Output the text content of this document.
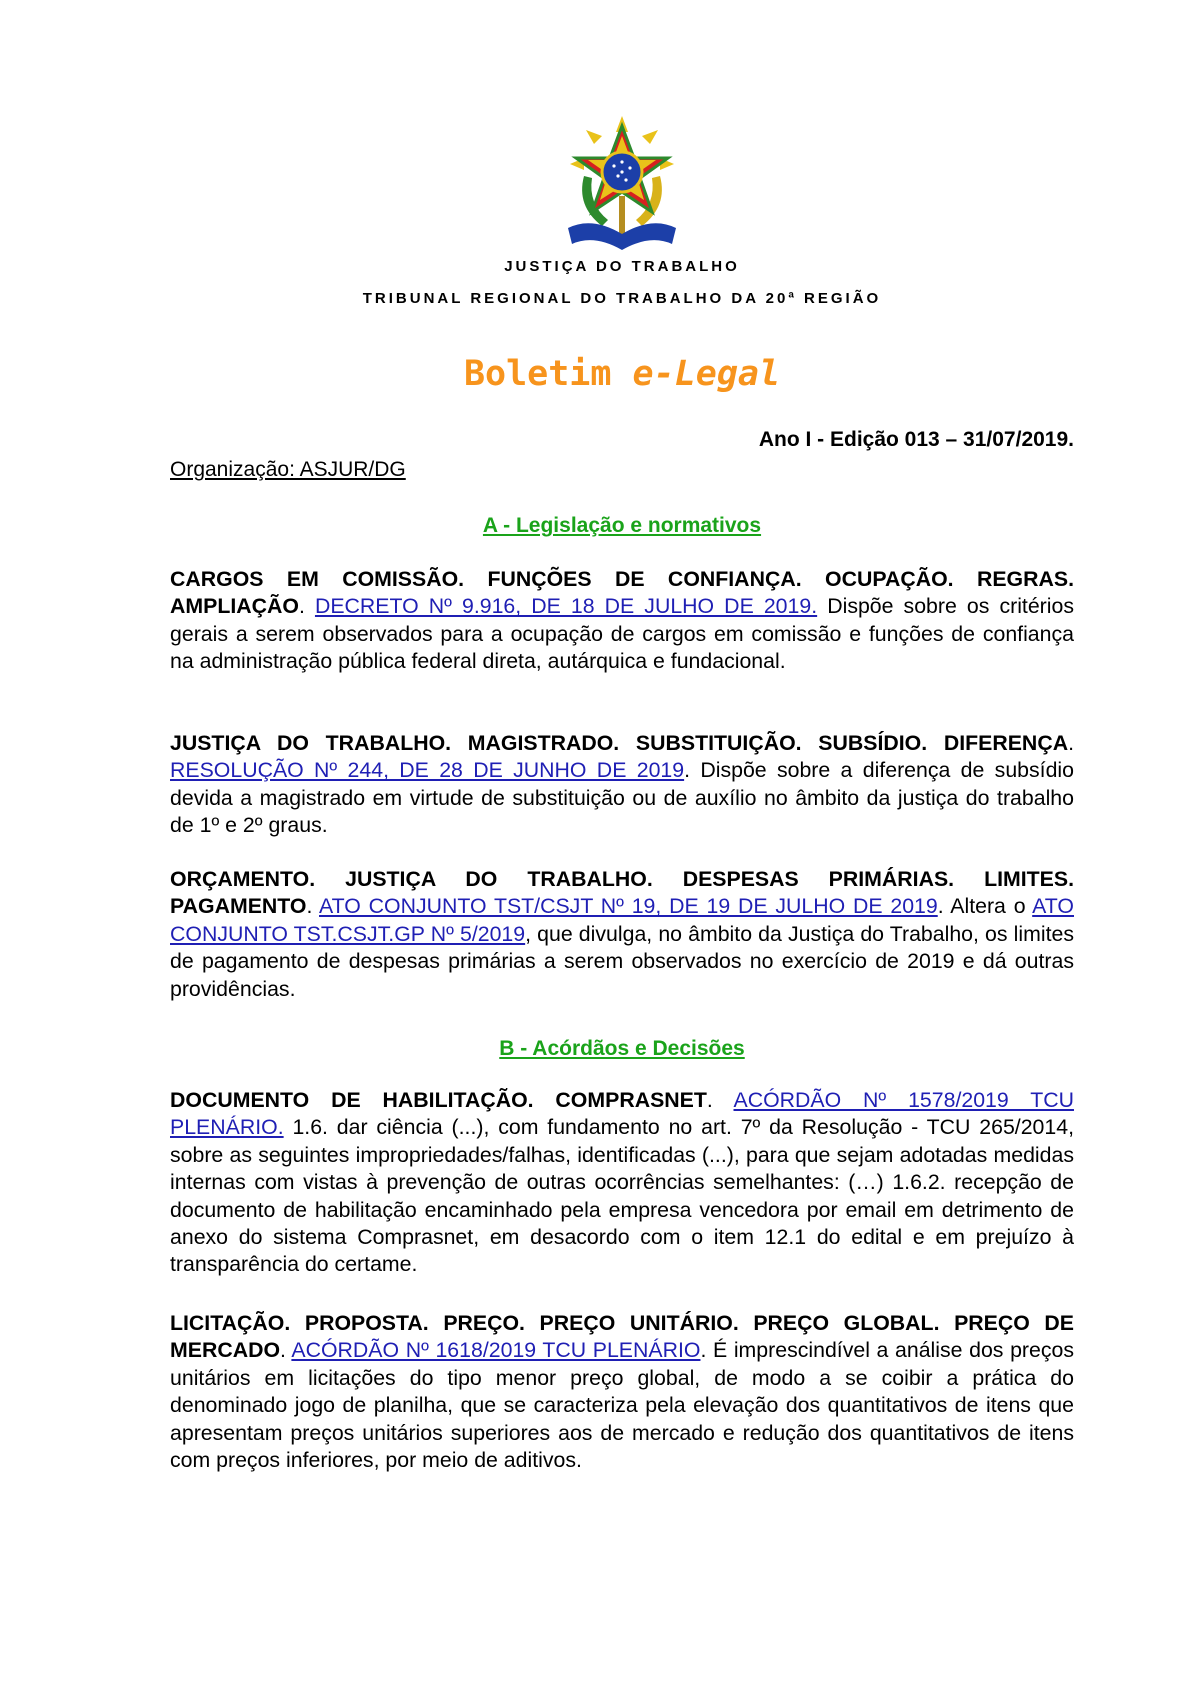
JUSTIÇA DO TRABALHO
TRIBUNAL REGIONAL DO TRABALHO DA 20ª REGIÃO
Boletim e-Legal
Ano I - Edição 013 – 31/07/2019.
Organização: ASJUR/DG
A - Legislação e normativos
CARGOS EM COMISSÃO. FUNÇÕES DE CONFIANÇA. OCUPAÇÃO. REGRAS. AMPLIAÇÃO. DECRETO Nº 9.916, DE 18 DE JULHO DE 2019. Dispõe sobre os critérios gerais a serem observados para a ocupação de cargos em comissão e funções de confiança na administração pública federal direta, autárquica e fundacional.
JUSTIÇA DO TRABALHO. MAGISTRADO. SUBSTITUIÇÃO. SUBSÍDIO. DIFERENÇA. RESOLUÇÃO Nº 244, DE 28 DE JUNHO DE 2019. Dispõe sobre a diferença de subsídio devida a magistrado em virtude de substituição ou de auxílio no âmbito da justiça do trabalho de 1º e 2º graus.
ORÇAMENTO. JUSTIÇA DO TRABALHO. DESPESAS PRIMÁRIAS. LIMITES. PAGAMENTO. ATO CONJUNTO TST/CSJT Nº 19, DE 19 DE JULHO DE 2019. Altera o ATO CONJUNTO TST.CSJT.GP Nº 5/2019, que divulga, no âmbito da Justiça do Trabalho, os limites de pagamento de despesas primárias a serem observados no exercício de 2019 e dá outras providências.
B - Acórdãos e Decisões
DOCUMENTO DE HABILITAÇÃO. COMPRASNET. ACÓRDÃO Nº 1578/2019 TCU PLENÁRIO. 1.6. dar ciência (...), com fundamento no art. 7º da Resolução - TCU 265/2014, sobre as seguintes impropriedades/falhas, identificadas (...), para que sejam adotadas medidas internas com vistas à prevenção de outras ocorrências semelhantes: (…) 1.6.2. recepção de documento de habilitação encaminhado pela empresa vencedora por email em detrimento de anexo do sistema Comprasnet, em desacordo com o item 12.1 do edital e em prejuízo à transparência do certame.
LICITAÇÃO. PROPOSTA. PREÇO. PREÇO UNITÁRIO. PREÇO GLOBAL. PREÇO DE MERCADO. ACÓRDÃO Nº 1618/2019 TCU PLENÁRIO. É imprescindível a análise dos preços unitários em licitações do tipo menor preço global, de modo a se coibir a prática do denominado jogo de planilha, que se caracteriza pela elevação dos quantitativos de itens que apresentam preços unitários superiores aos de mercado e redução dos quantitativos de itens com preços inferiores, por meio de aditivos.
